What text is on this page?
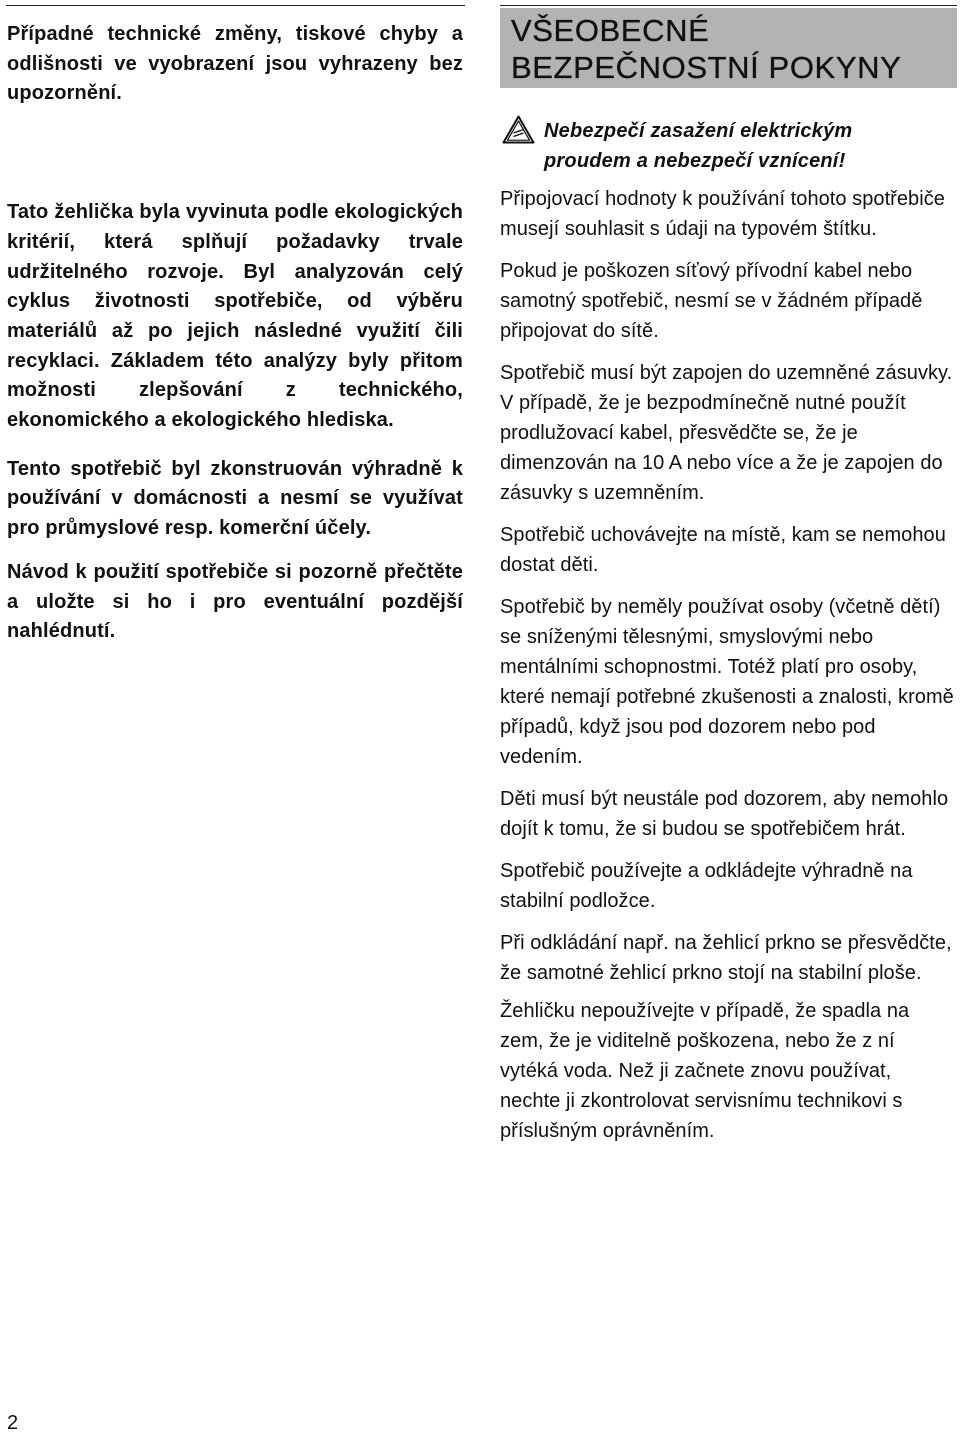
Případné technické změny, tiskové chyby a odlišnosti ve vyobrazení jsou vyhrazeny bez upozornění.

Tato žehlička byla vyvinuta podle ekologických kritérií, která splňují požadavky trvale udržitelného rozvoje. Byl analyzován celý cyklus životnosti spotřebiče, od výběru materiálů až po jejich následné využití čili recyklaci. Základem této analýzy byly přitom možnosti zlepšování z technického, ekonomického a ekologického hlediska.

Tento spotřebič byl zkonstruován výhradně k používání v domácnosti a nesmí se využívat pro průmyslové resp. komerční účely.

Návod k použití spotřebiče si pozorně přečtěte a uložte si ho i pro eventuální pozdější nahlédnutí.

VŠEOBECNÉ
BEZPEČNOSTNÍ POKYNY

Nebezpečí zasažení elektrickým
proudem a nebezpečí vznícení!

Připojovací hodnoty k používání tohoto spotřebiče musejí souhlasit s údaji na typovém štítku.

Pokud je poškozen síťový přívodní kabel nebo samotný spotřebič, nesmí se v žádném případě připojovat do sítě.

Spotřebič musí být zapojen do uzemněné zásuvky. V případě, že je bezpodmínečně nutné použít prodlužovací kabel, přesvědčte se, že je dimenzován na 10 A nebo více a že je zapojen do zásuvky s uzemněním.

Spotřebič uchovávejte na místě, kam se nemohou dostat děti.

Spotřebič by neměly používat osoby (včetně dětí) se sníženými tělesnými, smyslovými nebo mentálními schopnostmi. Totéž platí pro osoby, které nemají potřebné zkušenosti a znalosti, kromě případů, když jsou pod dozorem nebo pod vedením.

Děti musí být neustále pod dozorem, aby nemohlo dojít k tomu, že si budou se spotřebičem hrát.

Spotřebič používejte a odkládejte výhradně na stabilní podložce.

Při odkládání např. na žehlicí prkno se přesvědčte, že samotné žehlicí prkno stojí na stabilní ploše.

Žehličku nepoužívejte v případě, že spadla na zem, že je viditelně poškozena, nebo že z ní vytéká voda. Než ji začnete znovu používat, nechte ji zkontrolovat servisnímu technikovi s příslušným oprávněním.

2
